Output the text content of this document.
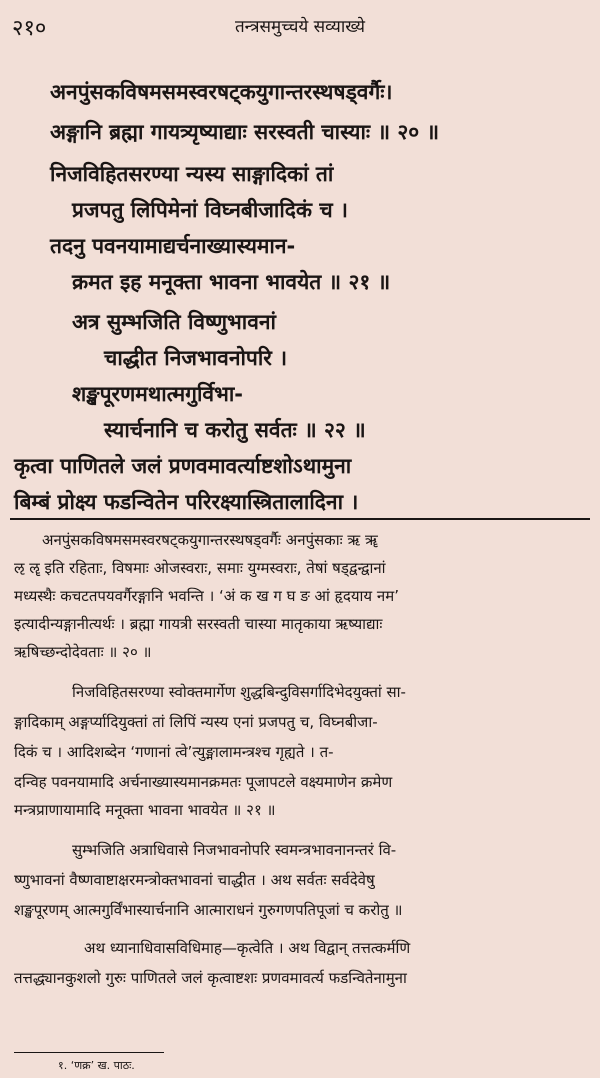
२१०	तन्त्रसमुच्चये सव्याख्ये
अनपुंसकविषमसमस्वरषट्कयुगान्तरस्थषड्वर्गैः।
अङ्गानि ब्रह्मा गायत्र्यृष्याद्याः सरस्वती चास्याः ॥ २० ॥
निजविहितसरण्या न्यस्य साङ्गादिकां तां
प्रजपतु लिपिमेनां विघ्नबीजादिकं च ।
तदनु पवनयामाद्यर्चनाख्यास्यमान-
क्रमत इह मनूक्ता भावना भावयेत ॥ २१ ॥
अत्र सुम्भजिति विष्णुभावनां
चाद्धीत निजभावनोपरि ।
शङ्खपूरणमथात्मगुर्विभा-
स्यार्चनानि च करोतु सर्वतः ॥ २२ ॥
कृत्वा पाणितले जलं प्रणवमावर्त्याष्टशोऽथामुना
बिम्बं प्रोक्ष्य फडन्वितेन परिरक्ष्यास्त्रितालादिना ।
अनपुंसकविषमसमस्वरषट्कयुगान्तरस्थषड्वर्गैः अनपुंसकाः ऋ ॠ
ऌ ॡ इति रहिताः, विषमाः ओजस्वराः, समाः युग्मस्वराः, तेषां षड्द्वन्द्वानां
मध्यस्थैः कचटतपयवर्गैरङ्गानि भवन्ति । ‘अं क ख ग घ ङ आं हृदयाय नम’
इत्यादीन्यङ्गानीत्यर्थः । ब्रह्मा गायत्री सरस्वती चास्या मातृकाया ऋष्याद्याः
ऋषिच्छन्दोदेवताः ॥ २० ॥
निजविहितसरण्या स्वोक्तमार्गेण शुद्धबिन्दुविसर्गादिभेदयुक्तां सा-
ङ्गादिकाम् अङ्गर्प्यादियुक्तां तां लिपिं न्यस्य एनां प्रजपतु च, विघ्नबीजा-
दिकं च । आदिशब्देन ‘गणानां त्वे’त्युङ्मालामन्त्रश्च गृह्यते । त-
दन्विह पवनयामादि अर्चनाख्यास्यमानक्रमतः पूजापटले वक्ष्यमाणेन क्रमेण
मन्त्रप्राणायामादि मनूक्ता भावना भावयेत ॥ २१ ॥
सुम्भजिति अत्राधिवासे निजभावनोपरि स्वमन्त्रभावनानन्तरं वि-
ष्णुभावनां वैष्णवाष्टाक्षरमन्त्रोक्तभावनां चाद्धीत । अथ सर्वतः सर्वदेवेषु
शङ्खपूरणम् आत्मगुर्विंभास्यार्चनानि आत्माराधनं गुरुगणपतिपूजां च करोतु ॥
अथ ध्यानाधिवासविधिमाह—कृत्वेति । अथ विद्वान् तत्तत्कर्मणि
तत्तद्ध्यानकुशलो गुरुः पाणितले जलं कृत्वाष्टशः प्रणवमावर्त्य फडन्वितेनामुना
१. ‘णक्र’ ख. पाठः.
